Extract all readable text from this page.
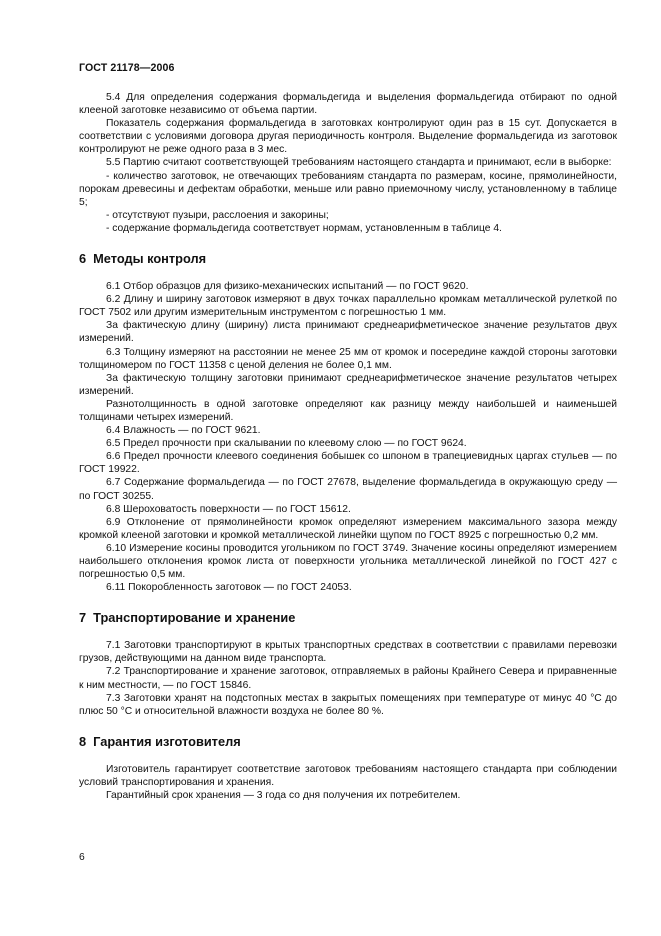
ГОСТ 21178—2006

5.4 Для определения содержания формальдегида и выделения формальдегида отбирают по одной клееной заготовке независимо от объема партии.

Показатель содержания формальдегида в заготовках контролируют один раз в 15 сут. Допускается в соответствии с условиями договора другая периодичность контроля. Выделение формальдегида из заготовок контролируют не реже одного раза в 3 мес.

5.5 Партию считают соответствующей требованиям настоящего стандарта и принимают, если в выборке:

- количество заготовок, не отвечающих требованиям стандарта по размерам, косине, прямолинейности, порокам древесины и дефектам обработки, меньше или равно приемочному числу, установленному в таблице 5;

- отсутствуют пузыри, расслоения и закорины;

- содержание формальдегида соответствует нормам, установленным в таблице 4.

6 Методы контроля

6.1 Отбор образцов для физико-механических испытаний — по ГОСТ 9620.

6.2 Длину и ширину заготовок измеряют в двух точках параллельно кромкам металлической рулеткой по ГОСТ 7502 или другим измерительным инструментом с погрешностью 1 мм.

За фактическую длину (ширину) листа принимают среднеарифметическое значение результатов двух измерений.

6.3 Толщину измеряют на расстоянии не менее 25 мм от кромок и посередине каждой стороны заготовки толщиномером по ГОСТ 11358 с ценой деления не более 0,1 мм.

За фактическую толщину заготовки принимают среднеарифметическое значение результатов четырех измерений.

Разнотолщинность в одной заготовке определяют как разницу между наибольшей и наименьшей толщинами четырех измерений.

6.4 Влажность — по ГОСТ 9621.

6.5 Предел прочности при скалывании по клеевому слою — по ГОСТ 9624.

6.6 Предел прочности клеевого соединения бобышек со шпоном в трапециевидных царгах стульев — по ГОСТ 19922.

6.7 Содержание формальдегида — по ГОСТ 27678, выделение формальдегида в окружающую среду — по ГОСТ 30255.

6.8 Шероховатость поверхности — по ГОСТ 15612.

6.9 Отклонение от прямолинейности кромок определяют измерением максимального зазора между кромкой клееной заготовки и кромкой металлической линейки щупом по ГОСТ 8925 с погрешностью 0,2 мм.

6.10 Измерение косины проводится угольником по ГОСТ 3749. Значение косины определяют измерением наибольшего отклонения кромок листа от поверхности угольника металлической линейкой по ГОСТ 427 с погрешностью 0,5 мм.

6.11 Покоробленность заготовок — по ГОСТ 24053.

7 Транспортирование и хранение

7.1 Заготовки транспортируют в крытых транспортных средствах в соответствии с правилами перевозки грузов, действующими на данном виде транспорта.

7.2 Транспортирование и хранение заготовок, отправляемых в районы Крайнего Севера и приравненные к ним местности, — по ГОСТ 15846.

7.3 Заготовки хранят на подстопных местах в закрытых помещениях при температуре от минус 40 °С до плюс 50 °С и относительной влажности воздуха не более 80 %.

8 Гарантия изготовителя

Изготовитель гарантирует соответствие заготовок требованиям настоящего стандарта при соблюдении условий транспортирования и хранения.

Гарантийный срок хранения — 3 года со дня получения их потребителем.

6
